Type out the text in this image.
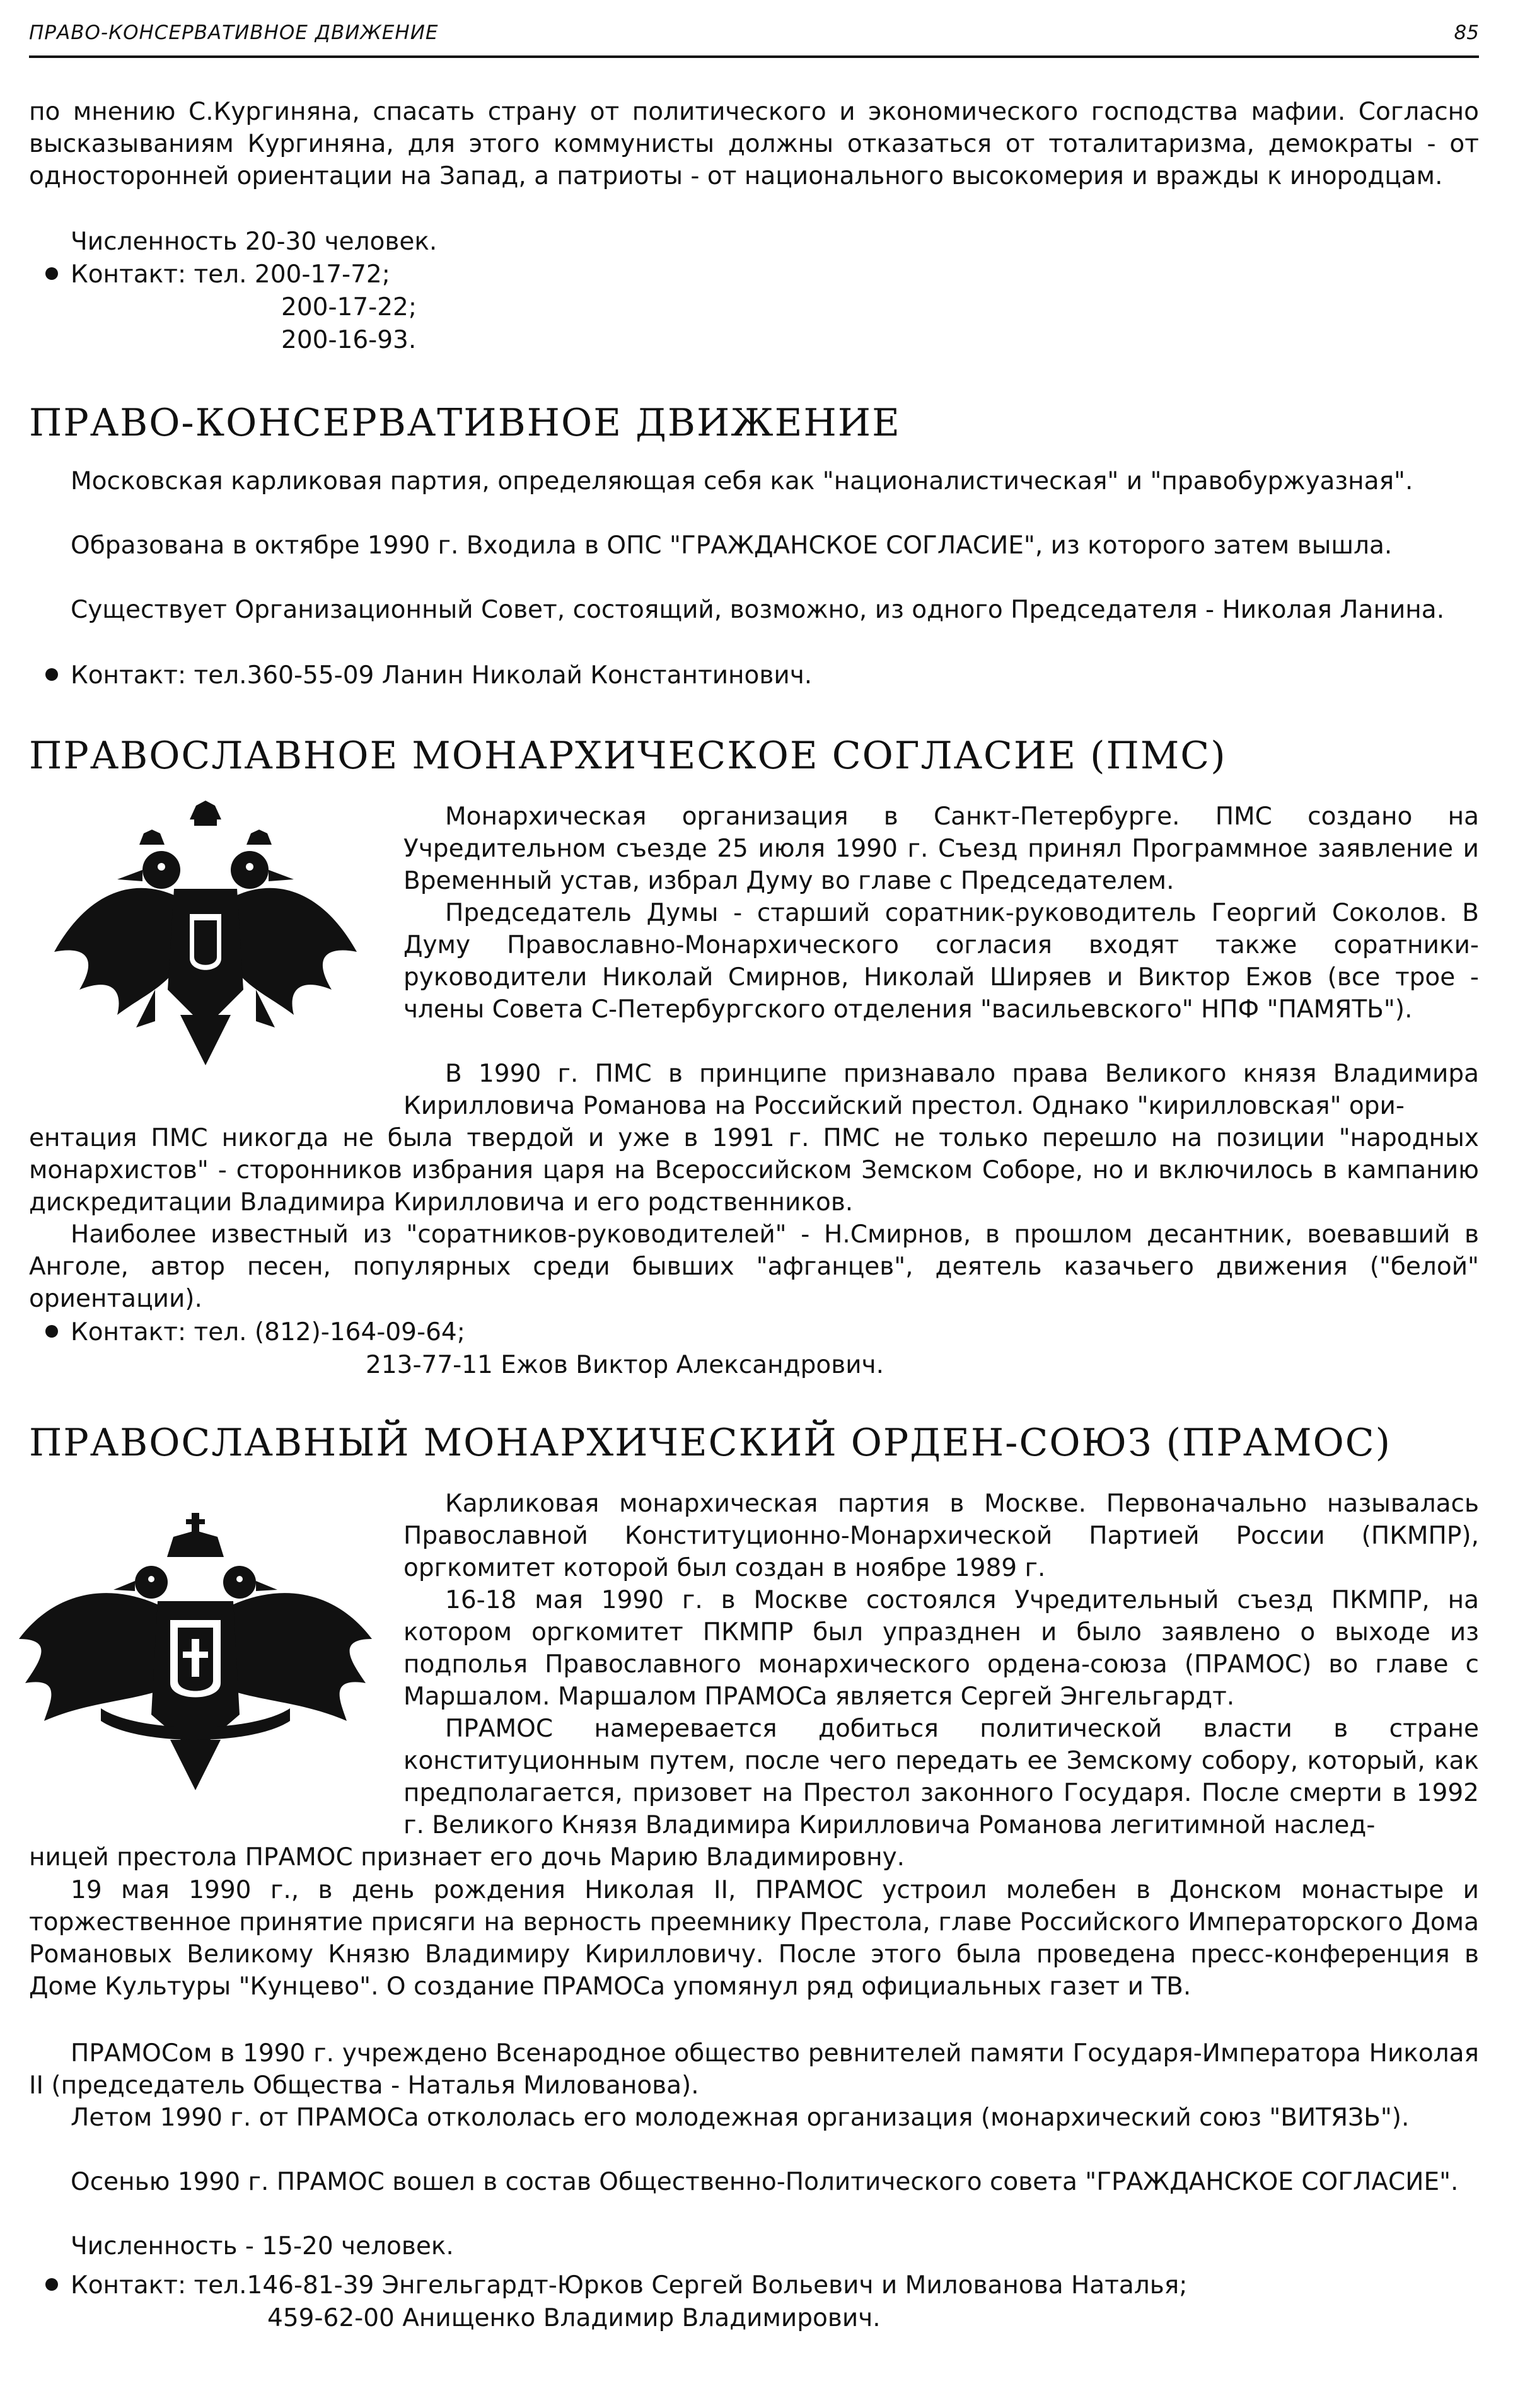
ПРАВО-КОНСЕРВАТИВНОЕ ДВИЖЕНИЕ	85

по мнению С.Кургиняна, спасать страну от политического и экономического господства мафии. Согласно высказываниям Кургиняна, для этого коммунисты должны отказаться от тоталитаризма, демократы - от односторонней ориентации на Запад, а патриоты - от национального высокомерия и вражды к инородцам.

Численность 20-30 человек.

Контакт: тел. 200-17-72;
200-17-22;
200-16-93.
ПРАВО-КОНСЕРВАТИВНОЕ ДВИЖЕНИЕ

Московская карликовая партия, определяющая себя как "националистическая" и "правобуржуазная".

Образована в октябре 1990 г. Входила в ОПС "ГРАЖДАНСКОЕ СОГЛАСИЕ", из которого затем вышла.

Существует Организационный Совет, состоящий, возможно, из одного Председателя - Николая Ланина.

Контакт: тел.360-55-09 Ланин Николай Константинович.
ПРАВОСЛАВНОЕ МОНАРХИЧЕСКОЕ СОГЛАСИЕ (ПМС)

Монархическая организация в Санкт-Петербурге. ПМС создано на Учредительном съезде 25 июля 1990 г. Съезд принял Программное заявление и Временный устав, избрал Думу во главе с Председателем.

Председатель Думы - старший соратник-руководитель Георгий Соколов. В Думу Православно-Монархического согласия входят также соратники-руководители Николай Смирнов, Николай Ширяев и Виктор Ежов (все трое - члены Совета С-Петербургского отделения "васильевского" НПФ "ПАМЯТЬ").

В 1990 г. ПМС в принципе признавало права Великого князя Владимира Кирилловича Романова на Российский престол. Однако "кирилловская" ори-

ентация ПМС никогда не была твердой и уже в 1991 г. ПМС не только перешло на позиции "народных монархистов" - сторонников избрания царя на Всероссийском Земском Соборе, но и включилось в кампанию дискредитации Владимира Кирилловича и его родственников.

Наиболее известный из "соратников-руководителей" - Н.Смирнов, в прошлом десантник, воевавший в Анголе, автор песен, популярных среди бывших "афганцев", деятель казачьего движения ("белой" ориентации).

Контакт: тел. (812)-164-09-64;
213-77-11 Ежов Виктор Александрович.
ПРАВОСЛАВНЫЙ МОНАРХИЧЕСКИЙ ОРДЕН-СОЮЗ (ПРАМОС)

Карликовая монархическая партия в Москве. Первоначально называлась Православной Конституционно-Монархической Партией России (ПКМПР), оргкомитет которой был создан в ноябре 1989 г.

16-18 мая 1990 г. в Москве состоялся Учредительный съезд ПКМПР, на котором оргкомитет ПКМПР был упразднен и было заявлено о выходе из подполья Православного монархического ордена-союза (ПРАМОС) во главе с Маршалом. Маршалом ПРАМОСа является Сергей Энгельгардт.

ПРАМОС намеревается добиться политической власти в стране конституционным путем, после чего передать ее Земскому собору, который, как предполагается, призовет на Престол законного Государя. После смерти в 1992 г. Великого Князя Владимира Кирилловича Романова легитимной наслед-

ницей престола ПРАМОС признает его дочь Марию Владимировну.

19 мая 1990 г., в день рождения Николая II, ПРАМОС устроил молебен в Донском монастыре и торжественное принятие присяги на верность преемнику Престола, главе Российского Императорского Дома Романовых Великому Князю Владимиру Кирилловичу. После этого была проведена пресс-конференция в Доме Культуры "Кунцево". О создание ПРАМОСа упомянул ряд официальных газет и ТВ.

ПРАМОСом в 1990 г. учреждено Всенародное общество ревнителей памяти Государя-Императора Николая II (председатель Общества - Наталья Милованова).

Летом 1990 г. от ПРАМОСа откололась его молодежная организация (монархический союз "ВИТЯЗЬ").

Осенью 1990 г. ПРАМОС вошел в состав Общественно-Политического совета "ГРАЖДАНСКОЕ СОГЛАСИЕ".

Численность - 15-20 человек.

Контакт: тел.146-81-39 Энгельгардт-Юрков Сергей Вольевич и Милованова Наталья;
459-62-00 Анищенко Владимир Владимирович.
